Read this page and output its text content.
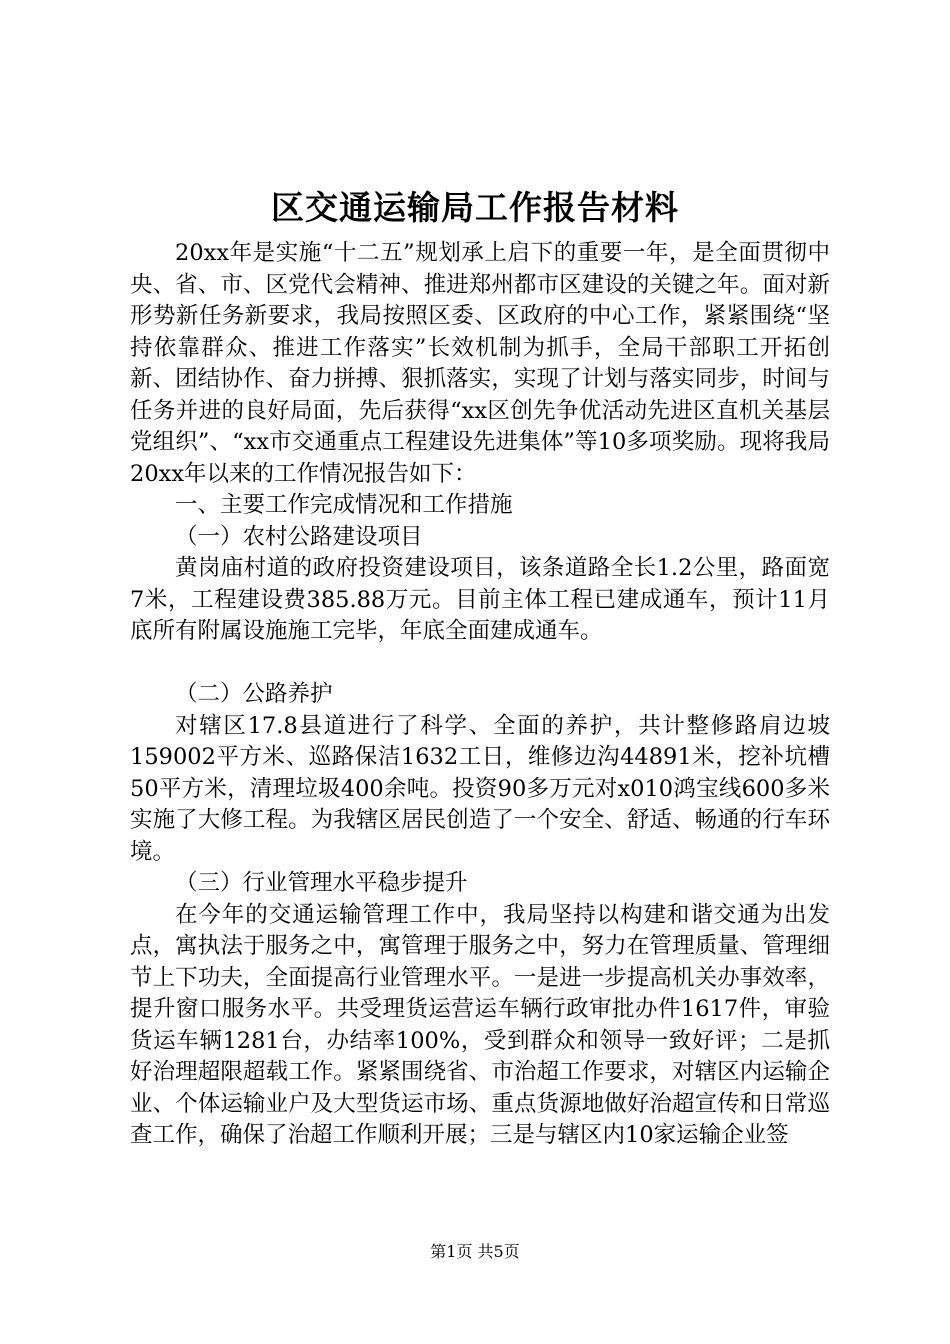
区交通运输局工作报告材料

20xx年是实施“十二五”规划承上启下的重要一年，是全面贯彻中央、省、市、区党代会精神、推进郑州都市区建设的关键之年。面对新形势新任务新要求，我局按照区委、区政府的中心工作，紧紧围绕“坚持依靠群众、推进工作落实”长效机制为抓手，全局干部职工开拓创新、团结协作、奋力拼搏、狠抓落实，实现了计划与落实同步，时间与任务并进的良好局面，先后获得“xx区创先争优活动先进区直机关基层党组织”、“xx市交通重点工程建设先进集体”等10多项奖励。现将我局20xx年以来的工作情况报告如下：

一、主要工作完成情况和工作措施

（一）农村公路建设项目

黄岗庙村道的政府投资建设项目，该条道路全长1.2公里，路面宽7米，工程建设费385.88万元。目前主体工程已建成通车，预计11月底所有附属设施施工完毕，年底全面建成通车。

（二）公路养护

对辖区17.8县道进行了科学、全面的养护，共计整修路肩边坡159002平方米、巡路保洁1632工日，维修边沟44891米，挖补坑槽50平方米，清理垃圾400余吨。投资90多万元对x010鸿宝线600多米实施了大修工程。为我辖区居民创造了一个安全、舒适、畅通的行车环境。

（三）行业管理水平稳步提升

在今年的交通运输管理工作中，我局坚持以构建和谐交通为出发点，寓执法于服务之中，寓管理于服务之中，努力在管理质量、管理细节上下功夫，全面提高行业管理水平。一是进一步提高机关办事效率，提升窗口服务水平。共受理货运营运车辆行政审批办件1617件，审验货运车辆1281台，办结率100%，受到群众和领导一致好评；二是抓好治理超限超载工作。紧紧围绕省、市治超工作要求，对辖区内运输企业、个体运输业户及大型货运市场、重点货源地做好治超宣传和日常巡查工作，确保了治超工作顺利开展；三是与辖区内10家运输企业签

第1页 共5页
